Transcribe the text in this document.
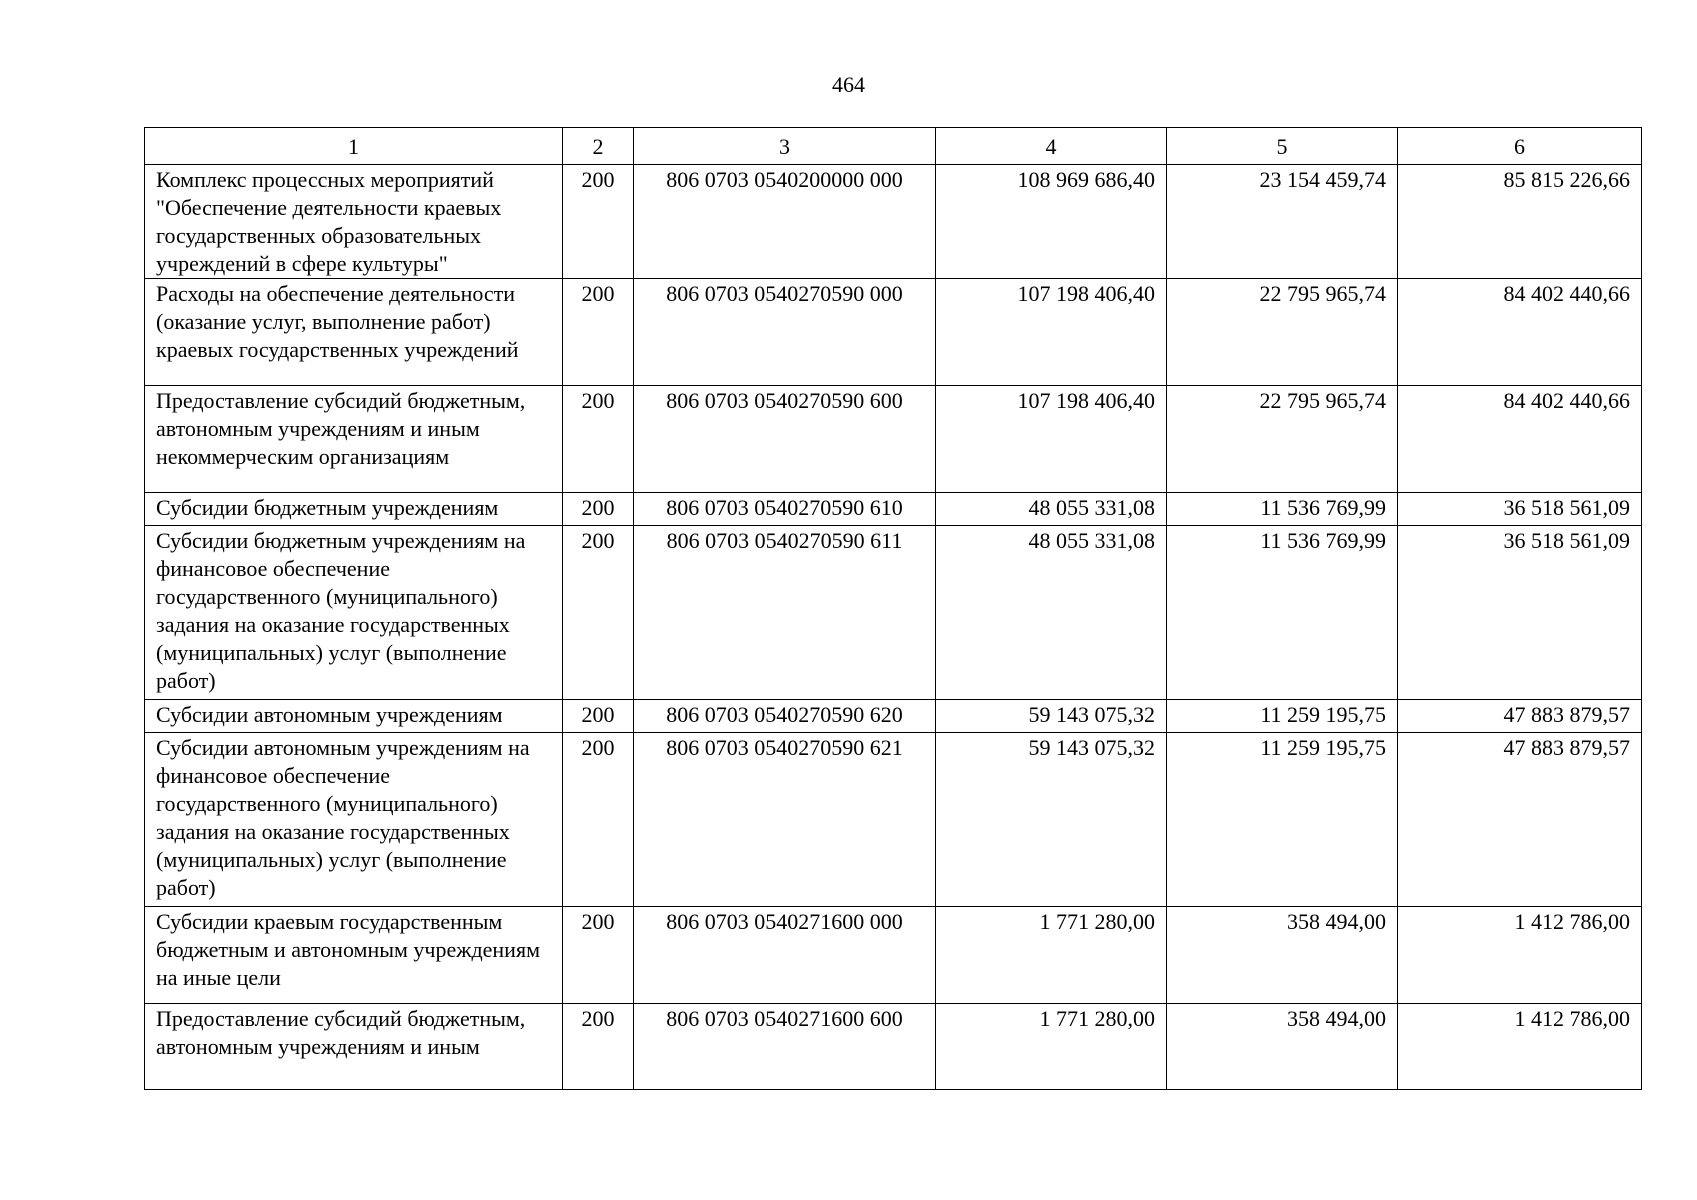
464
1	2	3	4	5	6
Комплекс процессных мероприятий "Обеспечение деятельности краевых государственных образовательных учреждений в сфере культуры"	200	806 0703 0540200000 000	108 969 686,40	23 154 459,74	85 815 226,66
Расходы на обеспечение деятельности (оказание услуг, выполнение работ) краевых государственных учреждений	200	806 0703 0540270590 000	107 198 406,40	22 795 965,74	84 402 440,66
Предоставление субсидий бюджетным, автономным учреждениям и иным некоммерческим организациям	200	806 0703 0540270590 600	107 198 406,40	22 795 965,74	84 402 440,66
Субсидии бюджетным учреждениям	200	806 0703 0540270590 610	48 055 331,08	11 536 769,99	36 518 561,09
Субсидии бюджетным учреждениям на финансовое обеспечение государственного (муниципального) задания на оказание государственных (муниципальных) услуг (выполнение работ)	200	806 0703 0540270590 611	48 055 331,08	11 536 769,99	36 518 561,09
Субсидии автономным учреждениям	200	806 0703 0540270590 620	59 143 075,32	11 259 195,75	47 883 879,57
Субсидии автономным учреждениям на финансовое обеспечение государственного (муниципального) задания на оказание государственных (муниципальных) услуг (выполнение работ)	200	806 0703 0540270590 621	59 143 075,32	11 259 195,75	47 883 879,57
Субсидии краевым государственным бюджетным и автономным учреждениям на иные цели	200	806 0703 0540271600 000	1 771 280,00	358 494,00	1 412 786,00
Предоставление субсидий бюджетным, автономным учреждениям и иным	200	806 0703 0540271600 600	1 771 280,00	358 494,00	1 412 786,00
